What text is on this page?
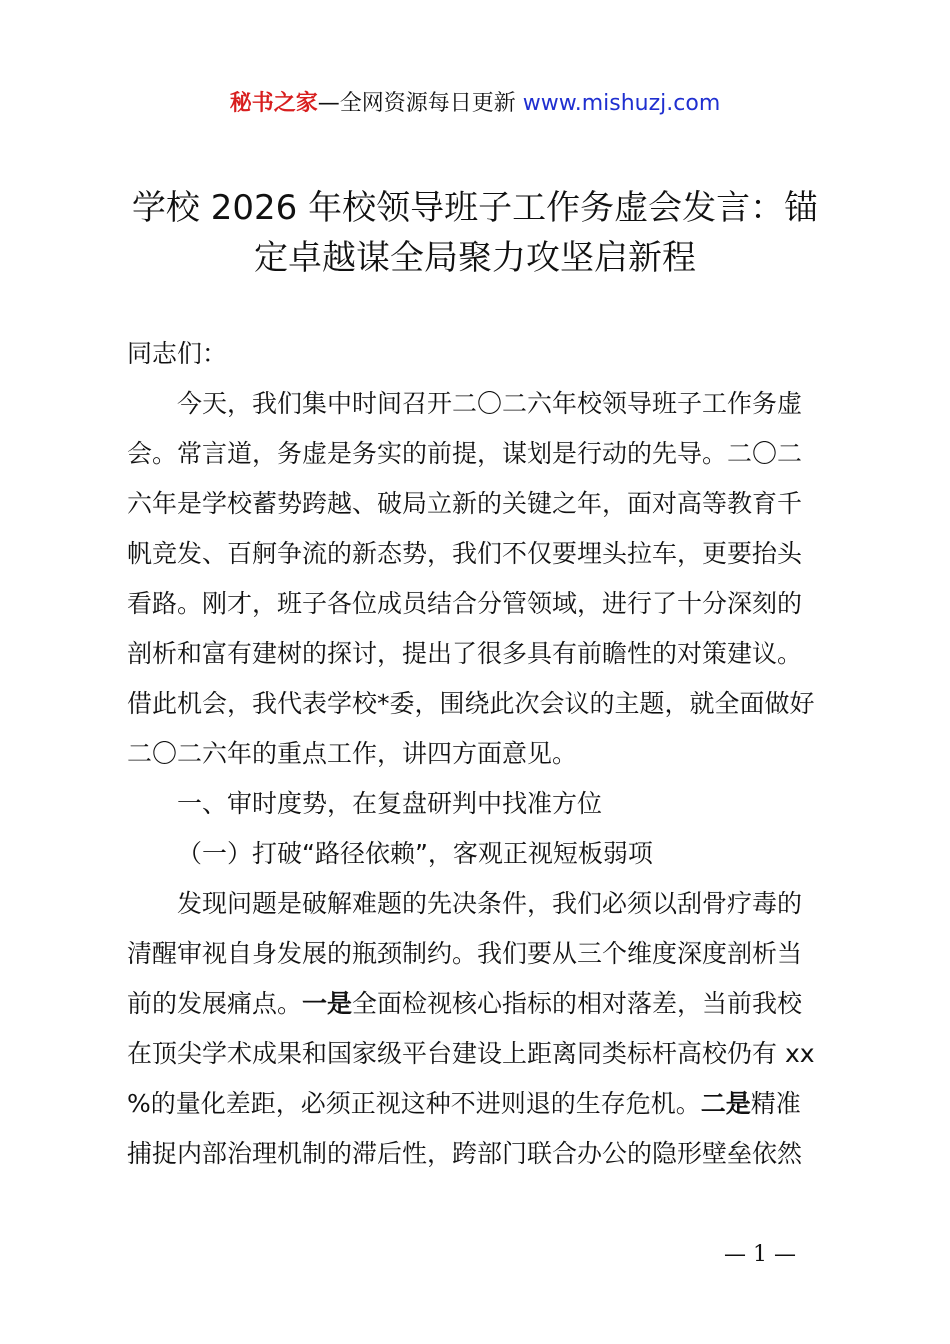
秘书之家—全网资源每日更新 www.mishuzj.com
学校 2026 年校领导班子工作务虚会发言：锚
定卓越谋全局聚力攻坚启新程
同志们：
今天，我们集中时间召开二〇二六年校领导班子工作务虚
会。常言道，务虚是务实的前提，谋划是行动的先导。二〇二
六年是学校蓄势跨越、破局立新的关键之年，面对高等教育千
帆竞发、百舸争流的新态势，我们不仅要埋头拉车，更要抬头
看路。刚才，班子各位成员结合分管领域，进行了十分深刻的
剖析和富有建树的探讨，提出了很多具有前瞻性的对策建议。
借此机会，我代表学校*委，围绕此次会议的主题，就全面做好
二〇二六年的重点工作，讲四方面意见。
一、审时度势，在复盘研判中找准方位
（一）打破“路径依赖”，客观正视短板弱项
发现问题是破解难题的先决条件，我们必须以刮骨疗毒的
清醒审视自身发展的瓶颈制约。我们要从三个维度深度剖析当
前的发展痛点。一是全面检视核心指标的相对落差，当前我校
在顶尖学术成果和国家级平台建设上距离同类标杆高校仍有 xx
%的量化差距，必须正视这种不进则退的生存危机。二是精准
捕捉内部治理机制的滞后性，跨部门联合办公的隐形壁垒依然
— 1 —
